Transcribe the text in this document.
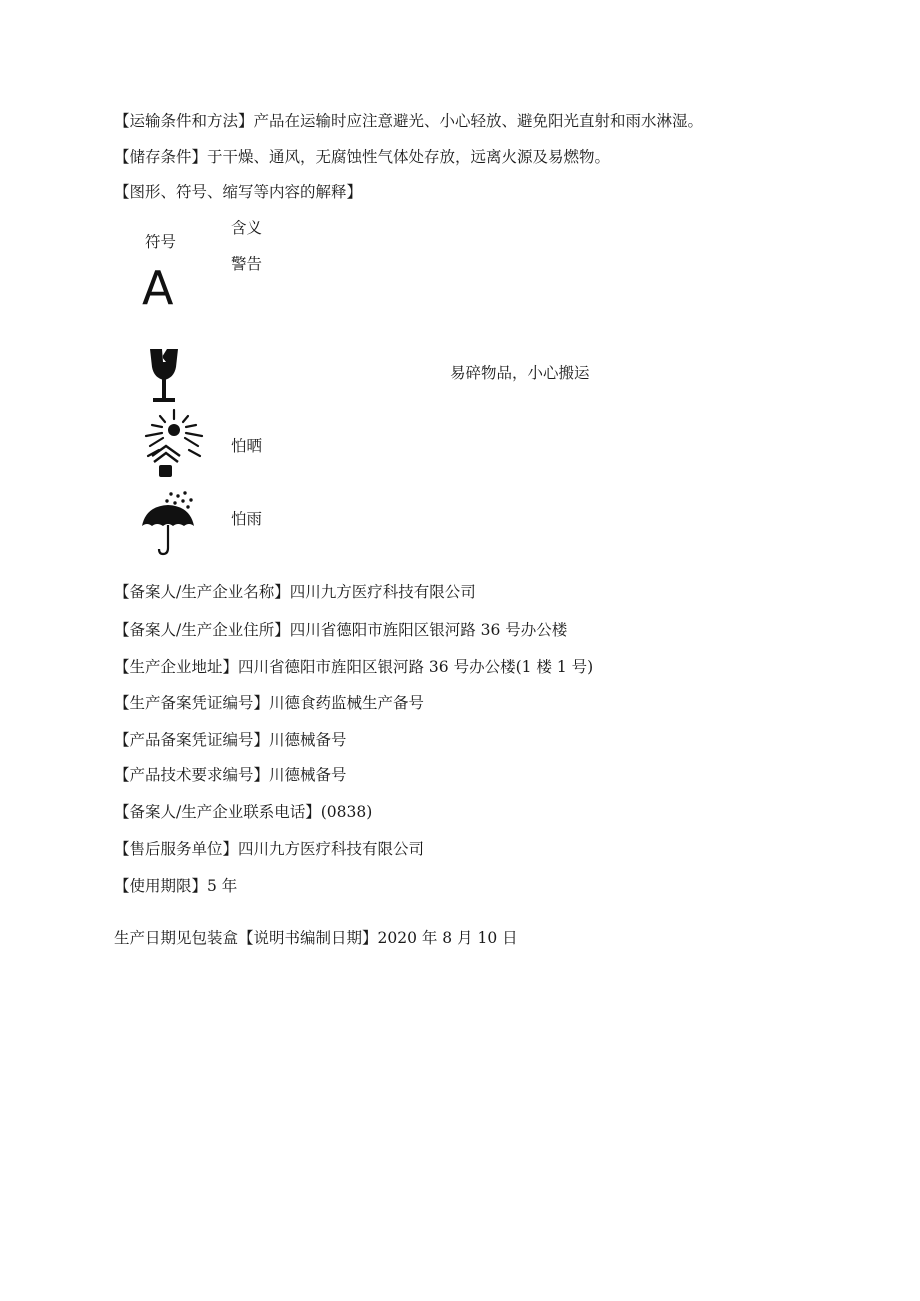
【运输条件和方法】产品在运输时应注意避光、小心轻放、避免阳光直射和雨水淋湿。
【储存条件】于干燥、通风，无腐蚀性气体处存放，远离火源及易燃物。
【图形、符号、缩写等内容的解释】
符号
含义
A	警告
易碎物品，小心搬运
怕晒
怕雨
【备案人/生产企业名称】四川九方医疗科技有限公司
【备案人/生产企业住所】四川省德阳市旌阳区银河路 36 号办公楼
【生产企业地址】四川省德阳市旌阳区银河路 36 号办公楼(1 楼 1 号)
【生产备案凭证编号】川德食药监械生产备号
【产品备案凭证编号】川德械备号
【产品技术要求编号】川德械备号
【备案人/生产企业联系电话】(0838)
【售后服务单位】四川九方医疗科技有限公司
【使用期限】5 年
生产日期见包装盒【说明书编制日期】2020 年 8 月 10 日
